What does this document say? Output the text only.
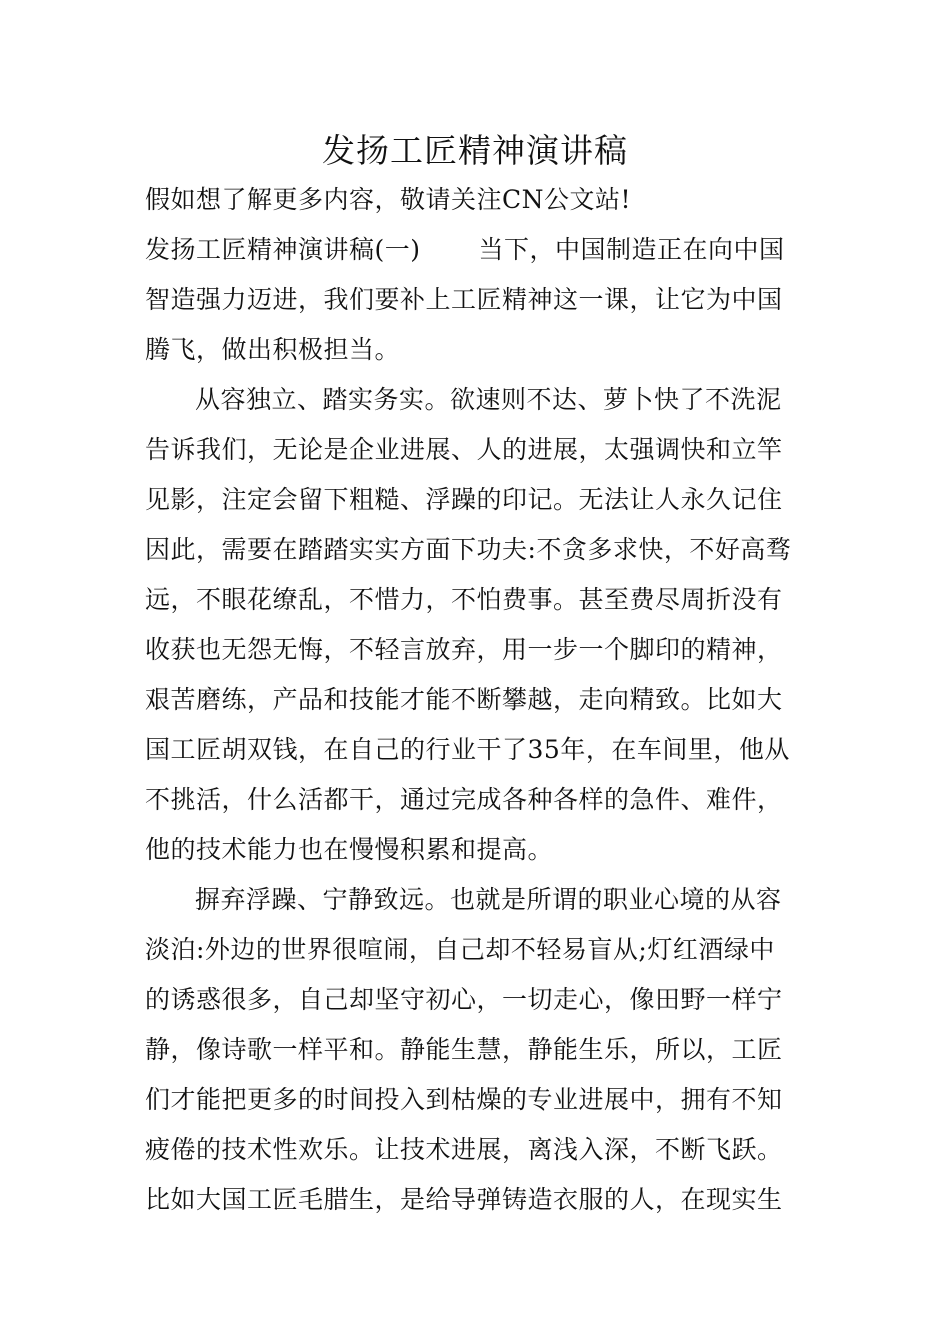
发扬工匠精神演讲稿
假如想了解更多内容，敬请关注CN公文站!
发扬工匠精神演讲稿(一) 当下，中国制造正在向中国
智造强力迈进，我们要补上工匠精神这一课，让它为中国
腾飞，做出积极担当。
从容独立、踏实务实。欲速则不达、萝卜快了不洗泥
告诉我们，无论是企业进展、人的进展，太强调快和立竿
见影，注定会留下粗糙、浮躁的印记。无法让人永久记住
因此，需要在踏踏实实方面下功夫:不贪多求快，不好高骛
远，不眼花缭乱，不惜力，不怕费事。甚至费尽周折没有
收获也无怨无悔，不轻言放弃，用一步一个脚印的精神，
艰苦磨练，产品和技能才能不断攀越，走向精致。比如大
国工匠胡双钱，在自己的行业干了35年，在车间里，他从
不挑活，什么活都干，通过完成各种各样的急件、难件，
他的技术能力也在慢慢积累和提高。
摒弃浮躁、宁静致远。也就是所谓的职业心境的从容
淡泊:外边的世界很喧闹，自己却不轻易盲从;灯红酒绿中
的诱惑很多，自己却坚守初心，一切走心，像田野一样宁
静，像诗歌一样平和。静能生慧，静能生乐，所以，工匠
们才能把更多的时间投入到枯燥的专业进展中，拥有不知
疲倦的技术性欢乐。让技术进展，离浅入深，不断飞跃。
比如大国工匠毛腊生，是给导弹铸造衣服的人，在现实生
